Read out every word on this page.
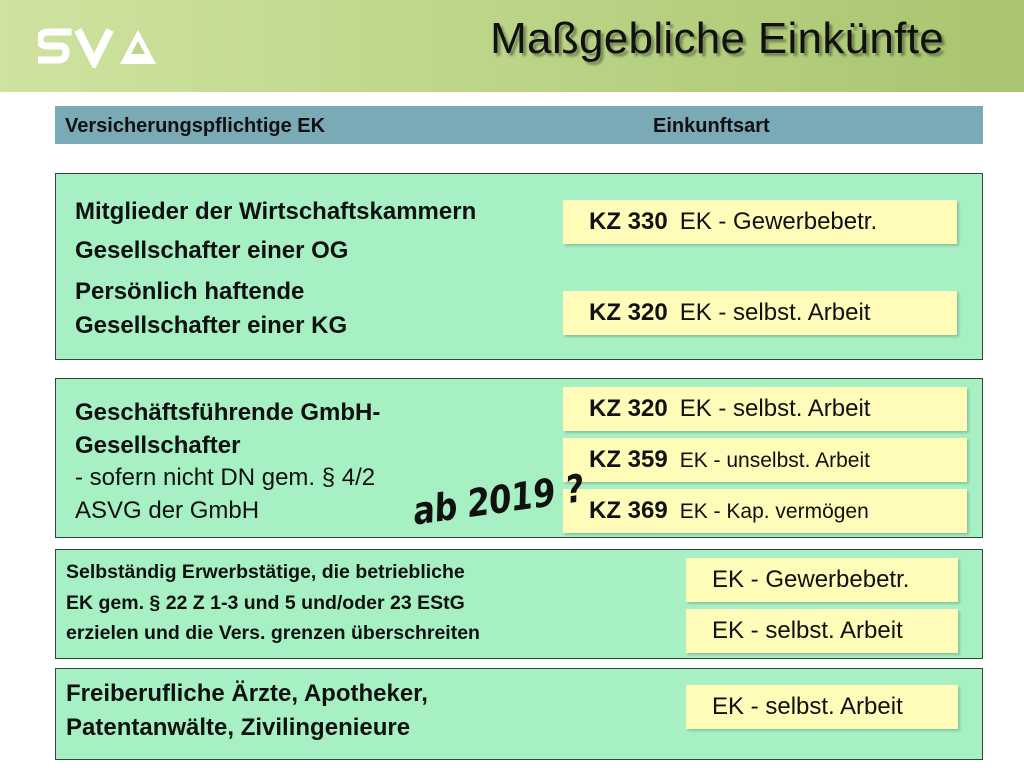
Maßgebliche Einkünfte
Versicherungspflichtige EK	Einkunftsart
Mitglieder der Wirtschaftskammern
Gesellschafter einer OG
Persönlich haftende
Gesellschafter einer KG
KZ 330 EK - Gewerbebetr.
KZ 320 EK - selbst. Arbeit
Geschäftsführende GmbH-
Gesellschafter
- sofern nicht DN gem. § 4/2
ASVG der GmbH
KZ 320 EK - selbst. Arbeit
KZ 359 EK - unselbst. Arbeit
KZ 369 EK - Kap. vermögen
ab 2019 ?
Selbständig Erwerbstätige, die betriebliche
EK gem. § 22 Z 1-3 und 5 und/oder 23 EStG
erzielen und die Vers. grenzen überschreiten
EK - Gewerbebetr.
EK - selbst. Arbeit
Freiberufliche Ärzte, Apotheker,
Patentanwälte, Zivilingenieure
EK - selbst. Arbeit
